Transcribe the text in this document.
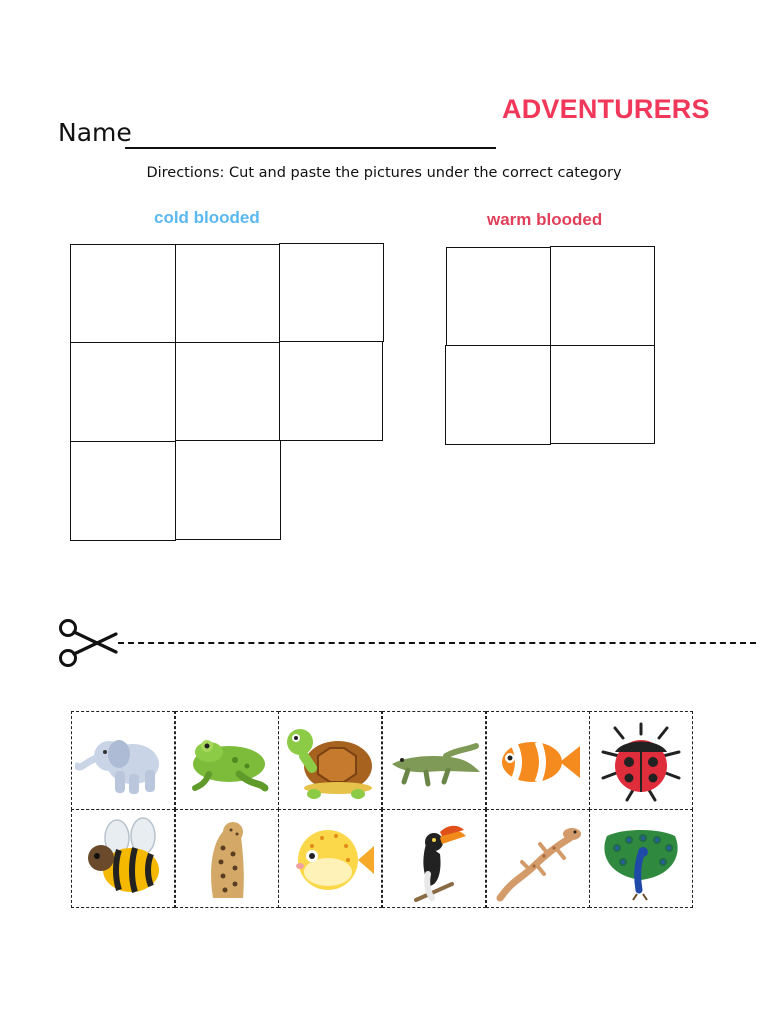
ADVENTURERS
Name
Directions: Cut and paste the pictures under the correct category
cold blooded	warm blooded
